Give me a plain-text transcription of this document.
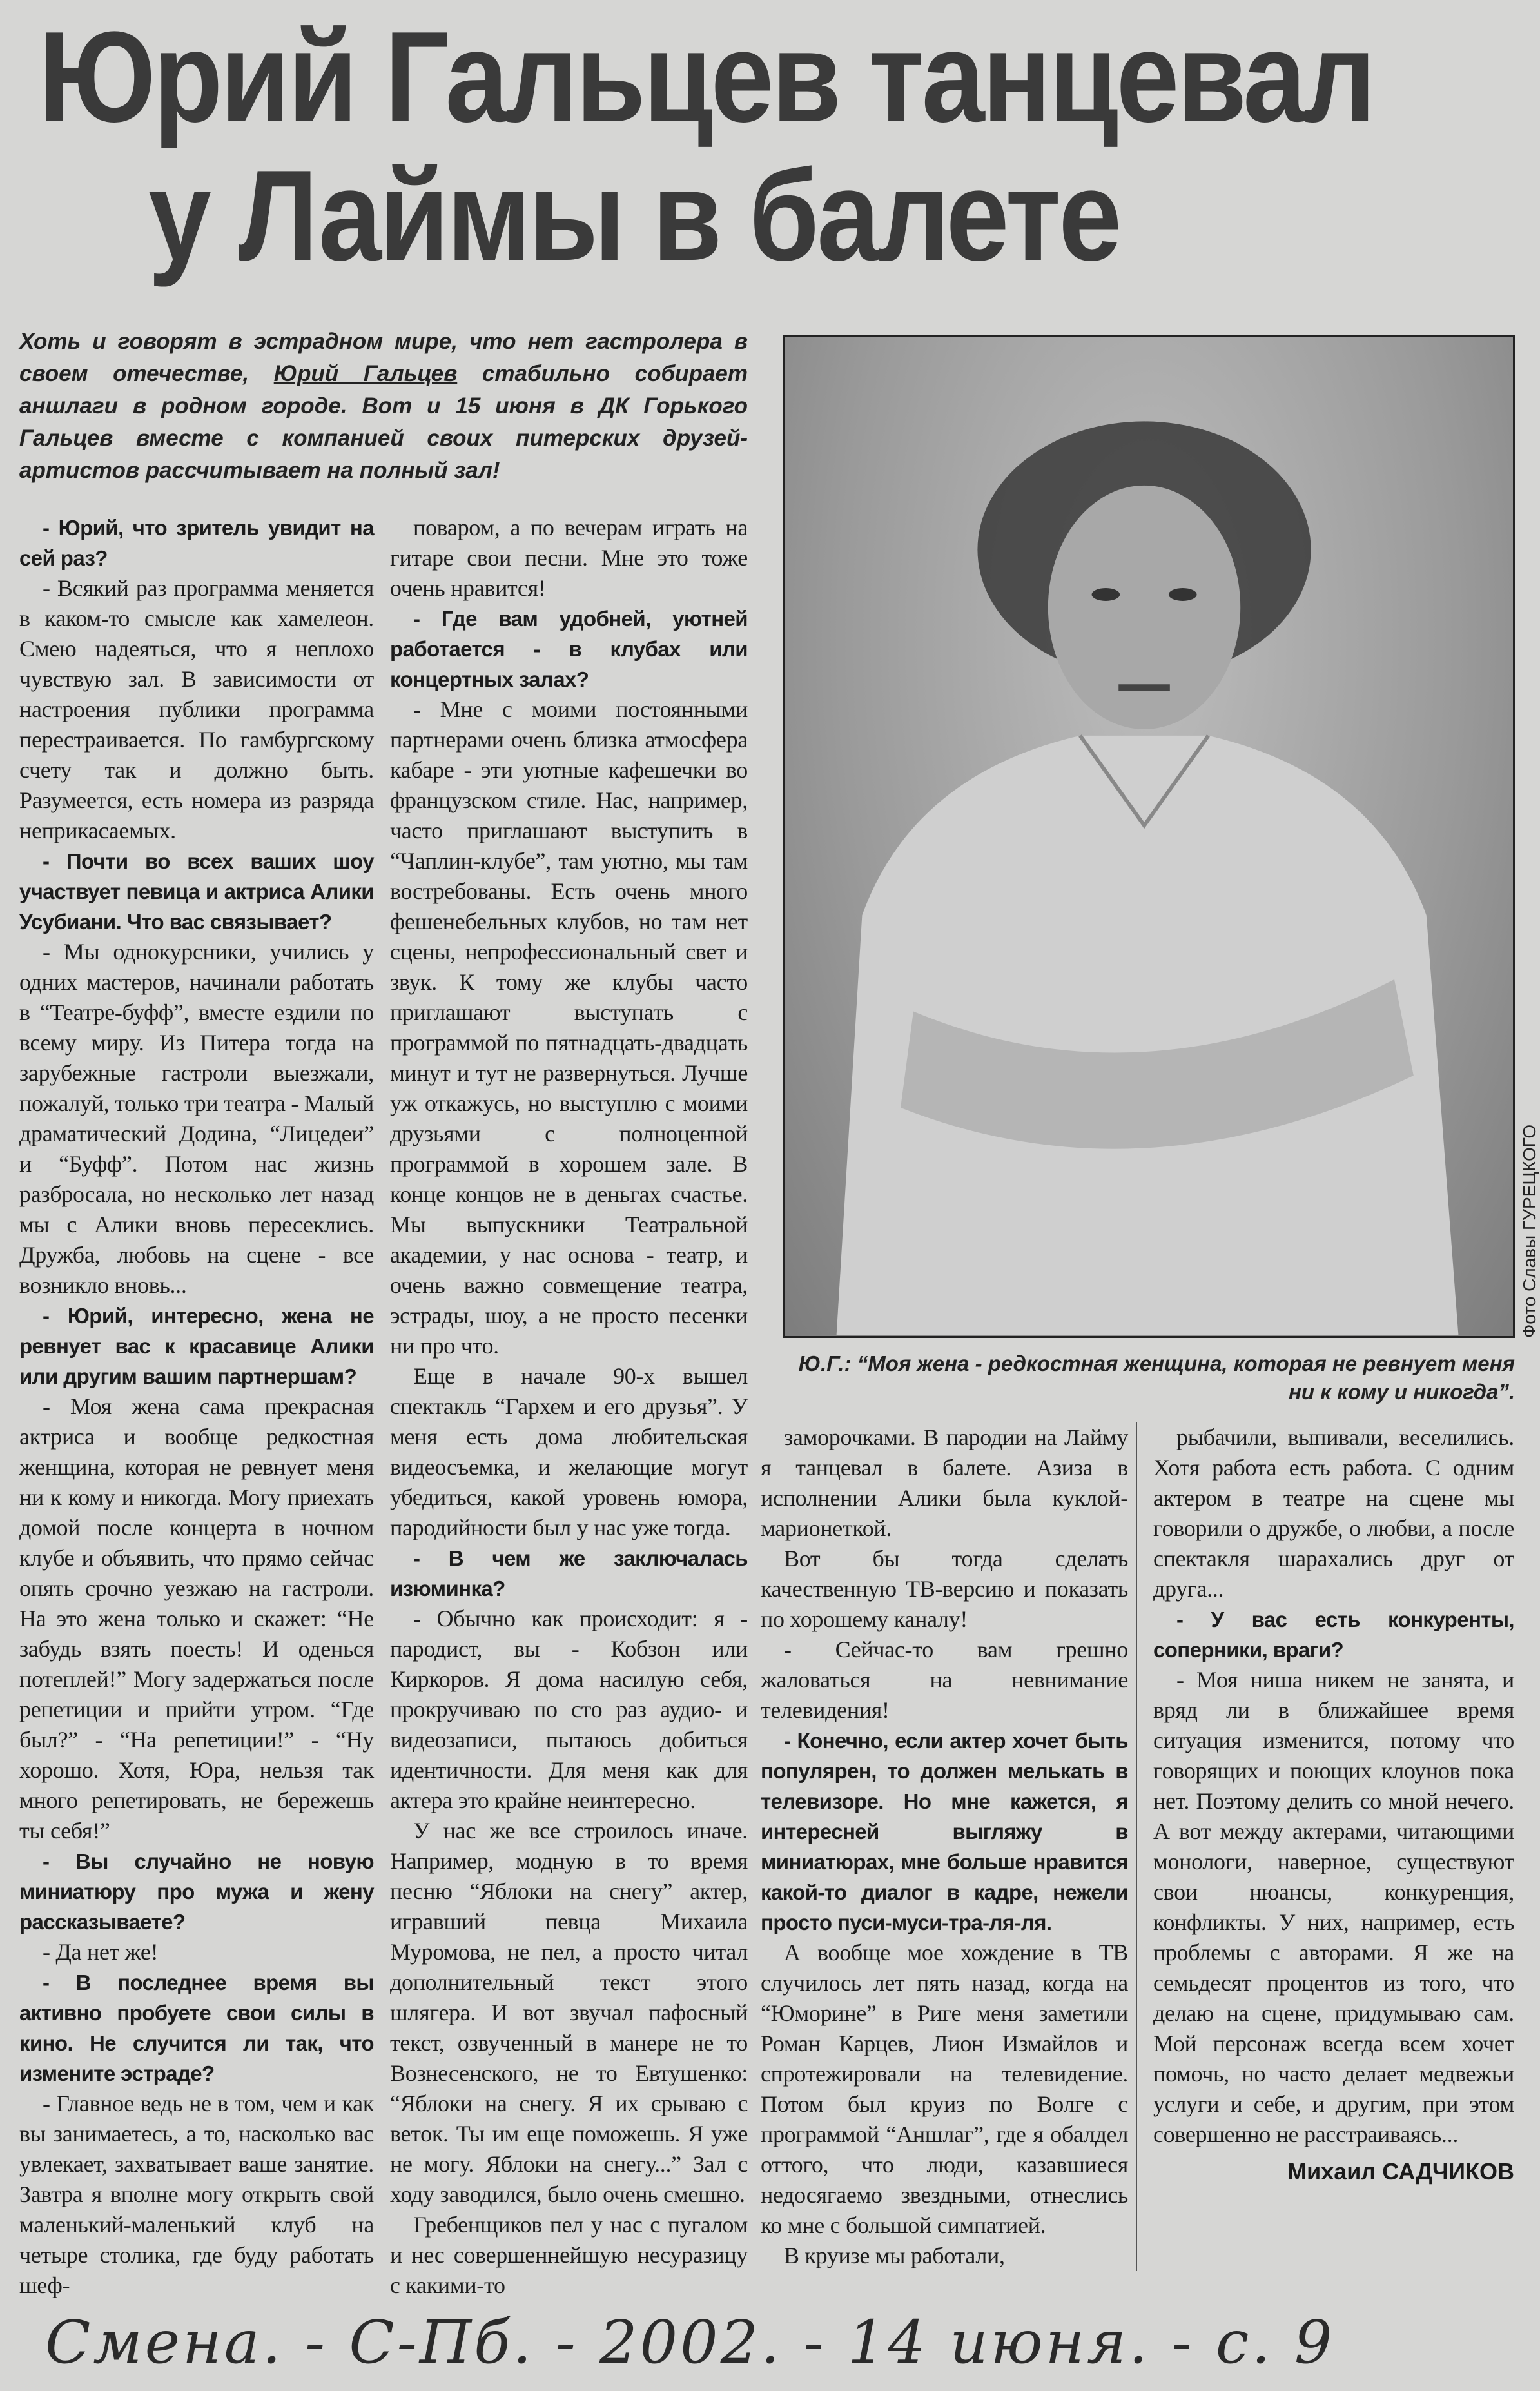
Юрий Гальцев танцевал
у Лаймы в балете
Хоть и говорят в эстрадном мире, что нет гастролера в своем отечестве, Юрий Гальцев стабильно собирает аншлаги в родном городе. Вот и 15 июня в ДК Горького Гальцев вместе с компанией своих питерских друзей-артистов рассчитывает на полный зал!

- Юрий, что зритель увидит на сей раз?

- Всякий раз программа меняется в каком-то смысле как хамелеон. Смею надеяться, что я неплохо чувствую зал. В зависимости от настроения публики программа перестраивается. По гамбургскому счету так и должно быть. Разумеется, есть номера из разряда неприкасаемых.

- Почти во всех ваших шоу участвует певица и актриса Алики Усубиани. Что вас связывает?

- Мы однокурсники, учились у одних мастеров, начинали работать в “Театре-буфф”, вместе ездили по всему миру. Из Питера тогда на зарубежные гастроли выезжали, пожалуй, только три театра - Малый драматический Додина, “Лицедеи” и “Буфф”. Потом нас жизнь разбросала, но несколько лет назад мы с Алики вновь пересеклись. Дружба, любовь на сцене - все возникло вновь...

- Юрий, интересно, жена не ревнует вас к красавице Алики или другим вашим партнершам?

- Моя жена сама прекрасная актриса и вообще редкостная женщина, которая не ревнует меня ни к кому и никогда. Могу приехать домой после концерта в ночном клубе и объявить, что прямо сейчас опять срочно уезжаю на гастроли. На это жена только и скажет: “Не забудь взять поесть! И оденься потеплей!” Могу задержаться после репетиции и прийти утром. “Где был?” - “На репетиции!” - “Ну хорошо. Хотя, Юра, нельзя так много репетировать, не бережешь ты себя!”

- Вы случайно не новую миниатюру про мужа и жену рассказываете?

- Да нет же!

- В последнее время вы активно пробуете свои силы в кино. Не случится ли так, что измените эстраде?

- Главное ведь не в том, чем и как вы занимаетесь, а то, насколько вас увлекает, захватывает ваше занятие. Завтра я вполне могу открыть свой маленький-маленький клуб на четыре столика, где буду работать шеф-

поваром, а по вечерам играть на гитаре свои песни. Мне это тоже очень нравится!

- Где вам удобней, уютней работается - в клубах или концертных залах?

- Мне с моими постоянными партнерами очень близка атмосфера кабаре - эти уютные кафешечки во французском стиле. Нас, например, часто приглашают выступить в “Чаплин-клубе”, там уютно, мы там востребованы. Есть очень много фешенебельных клубов, но там нет сцены, непрофессиональный свет и звук. К тому же клубы часто приглашают выступать с программой по пятнадцать-двадцать минут и тут не развернуться. Лучше уж откажусь, но выступлю с моими друзьями с полноценной программой в хорошем зале. В конце концов не в деньгах счастье. Мы выпускники Театральной академии, у нас основа - театр, и очень важно совмещение театра, эстрады, шоу, а не просто песенки ни про что.

Еще в начале 90-х вышел спектакль “Гархем и его друзья”. У меня есть дома любительская видеосъемка, и желающие могут убедиться, какой уровень юмора, пародийности был у нас уже тогда.

- В чем же заключалась изюминка?

- Обычно как происходит: я - пародист, вы - Кобзон или Киркоров. Я дома насилую себя, прокручиваю по сто раз аудио- и видеозаписи, пытаюсь добиться идентичности. Для меня как для актера это крайне неинтересно.

У нас же все строилось иначе. Например, модную в то время песню “Яблоки на снегу” актер, игравший певца Михаила Муромова, не пел, а просто читал дополнительный текст этого шлягера. И вот звучал пафосный текст, озвученный в манере не то Вознесенского, не то Евтушенко: “Яблоки на снегу. Я их срываю с веток. Ты им еще поможешь. Я уже не могу. Яблоки на снегу...” Зал с ходу заводился, было очень смешно.

Гребенщиков пел у нас с пугалом и нес совершеннейшую несуразицу с какими-то

Фото Славы ГУРЕЦКОГО
Ю.Г.: “Моя жена - редкостная женщина, которая не ревнует меня ни к кому и никогда”.

заморочками. В пародии на Лайму я танцевал в балете. Азиза в исполнении Алики была куклой-марионеткой.

Вот бы тогда сделать качественную ТВ-версию и показать по хорошему каналу!

- Сейчас-то вам грешно жаловаться на невнимание телевидения!

- Конечно, если актер хочет быть популярен, то должен мелькать в телевизоре. Но мне кажется, я интересней выгляжу в миниатюрах, мне больше нравится какой-то диалог в кадре, нежели просто пуси-муси-тра-ля-ля.

А вообще мое хождение в ТВ случилось лет пять назад, когда на “Юморине” в Риге меня заметили Роман Карцев, Лион Измайлов и спротежировали на телевидение. Потом был круиз по Волге с программой “Аншлаг”, где я обалдел оттого, что люди, казавшиеся недосягаемо звездными, отнеслись ко мне с большой симпатией.

В круизе мы работали,

рыбачили, выпивали, веселились. Хотя работа есть работа. С одним актером в театре на сцене мы говорили о дружбе, о любви, а после спектакля шарахались друг от друга...

- У вас есть конкуренты, соперники, враги?

- Моя ниша никем не занята, и вряд ли в ближайшее время ситуация изменится, потому что говорящих и поющих клоунов пока нет. Поэтому делить со мной нечего. А вот между актерами, читающими монологи, наверное, существуют свои нюансы, конкуренция, конфликты. У них, например, есть проблемы с авторами. Я же на семьдесят процентов из того, что делаю на сцене, придумываю сам. Мой персонаж всегда всем хочет помочь, но часто делает медвежьи услуги и себе, и другим, при этом совершенно не расстраиваясь...

Михаил САДЧИКОВ
Смена. - С-Пб. - 2002. - 14 июня. - с. 9
